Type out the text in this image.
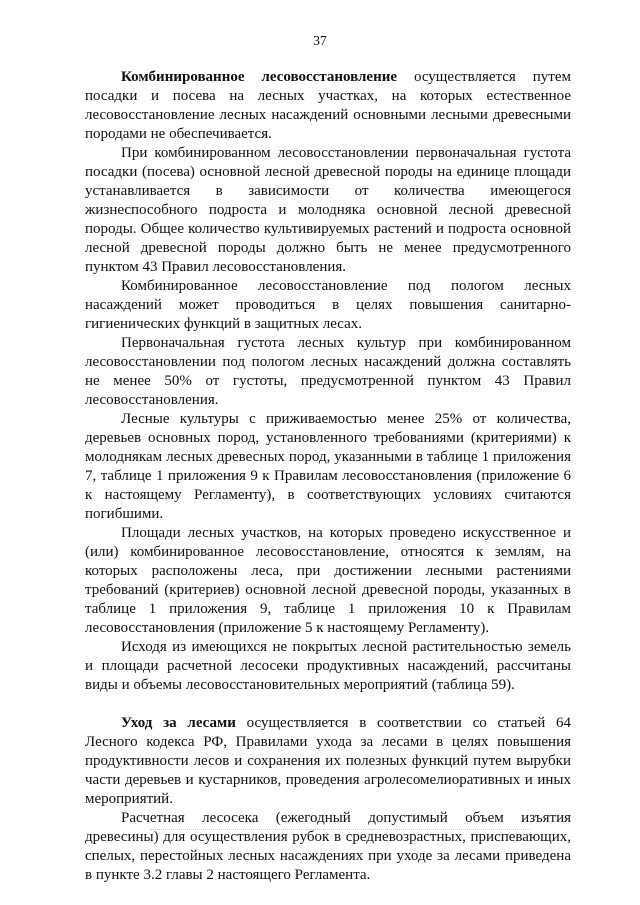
37

Комбинированное лесовосстановление осуществляется путем посадки и посева на лесных участках, на которых естественное лесовосстановление лесных насаждений основными лесными древесными породами не обеспечивается.

При комбинированном лесовосстановлении первоначальная густота посадки (посева) основной лесной древесной породы на единице площади устанавливается в зависимости от количества имеющегося жизнеспособного подроста и молодняка основной лесной древесной породы. Общее количество культивируемых растений и подроста основной лесной древесной породы должно быть не менее предусмотренного пунктом 43 Правил лесовосстановления.

Комбинированное лесовосстановление под пологом лесных насаждений может проводиться в целях повышения санитарно-гигиенических функций в защитных лесах.

Первоначальная густота лесных культур при комбинированном лесовосстановлении под пологом лесных насаждений должна составлять не менее 50% от густоты, предусмотренной пунктом 43 Правил лесовосстановления.

Лесные культуры с приживаемостью менее 25% от количества, деревьев основных пород, установленного требованиями (критериями) к молоднякам лесных древесных пород, указанными в таблице 1 приложения 7, таблице 1 приложения 9 к Правилам лесовосстановления (приложение 6 к настоящему Регламенту), в соответствующих условиях считаются погибшими.

Площади лесных участков, на которых проведено искусственное и (или) комбинированное лесовосстановление, относятся к землям, на которых расположены леса, при достижении лесными растениями требований (критериев) основной лесной древесной породы, указанных в таблице 1 приложения 9, таблице 1 приложения 10 к Правилам лесовосстановления (приложение 5 к настоящему Регламенту).

Исходя из имеющихся не покрытых лесной растительностью земель и площади расчетной лесосеки продуктивных насаждений, рассчитаны виды и объемы лесовосстановительных мероприятий (таблица 59).

Уход за лесами осуществляется в соответствии со статьей 64 Лесного кодекса РФ, Правилами ухода за лесами в целях повышения продуктивности лесов и сохранения их полезных функций путем вырубки части деревьев и кустарников, проведения агролесомелиоративных и иных мероприятий.

Расчетная лесосека (ежегодный допустимый объем изъятия древесины) для осуществления рубок в средневозрастных, приспевающих, спелых, перестойных лесных насаждениях при уходе за лесами приведена в пункте 3.2 главы 2 настоящего Регламента.
